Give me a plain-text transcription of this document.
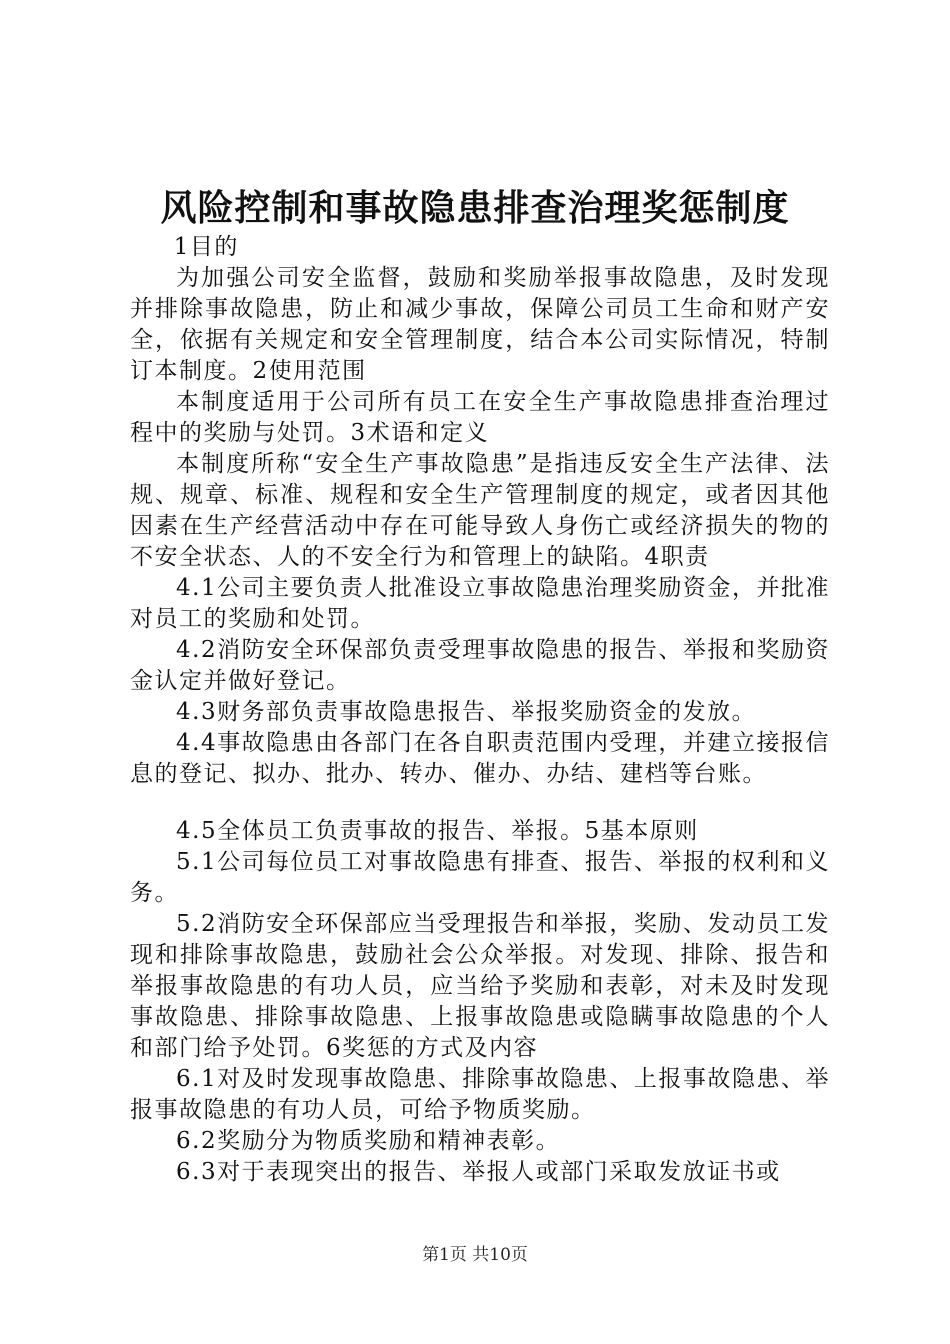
风险控制和事故隐患排查治理奖惩制度

1目的

为加强公司安全监督，鼓励和奖励举报事故隐患，及时发现并排除事故隐患，防止和减少事故，保障公司员工生命和财产安全，依据有关规定和安全管理制度，结合本公司实际情况，特制订本制度。2使用范围

本制度适用于公司所有员工在安全生产事故隐患排查治理过程中的奖励与处罚。3术语和定义

本制度所称“安全生产事故隐患”是指违反安全生产法律、法规、规章、标准、规程和安全生产管理制度的规定，或者因其他因素在生产经营活动中存在可能导致人身伤亡或经济损失的物的不安全状态、人的不安全行为和管理上的缺陷。4职责

4.1公司主要负责人批准设立事故隐患治理奖励资金，并批准对员工的奖励和处罚。

4.2消防安全环保部负责受理事故隐患的报告、举报和奖励资金认定并做好登记。

4.3财务部负责事故隐患报告、举报奖励资金的发放。

4.4事故隐患由各部门在各自职责范围内受理，并建立接报信息的登记、拟办、批办、转办、催办、办结、建档等台账。

4.5全体员工负责事故的报告、举报。5基本原则

5.1公司每位员工对事故隐患有排查、报告、举报的权利和义务。

5.2消防安全环保部应当受理报告和举报，奖励、发动员工发现和排除事故隐患，鼓励社会公众举报。对发现、排除、报告和举报事故隐患的有功人员，应当给予奖励和表彰，对未及时发现事故隐患、排除事故隐患、上报事故隐患或隐瞒事故隐患的个人和部门给予处罚。6奖惩的方式及内容

6.1对及时发现事故隐患、排除事故隐患、上报事故隐患、举报事故隐患的有功人员，可给予物质奖励。

6.2奖励分为物质奖励和精神表彰。

6.3对于表现突出的报告、举报人或部门采取发放证书或

第1页 共10页
